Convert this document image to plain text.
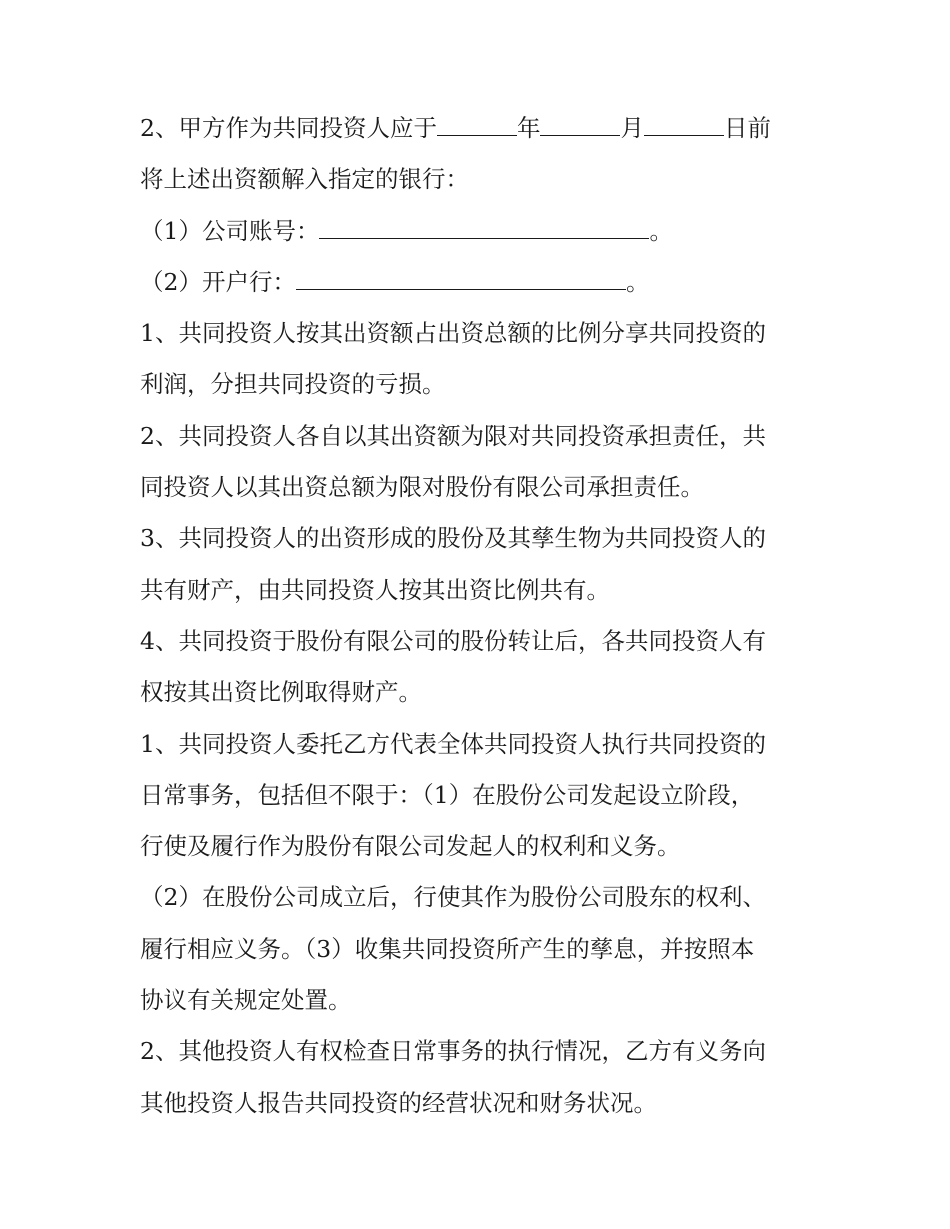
2、甲方作为共同投资人应于	年	月	日前
将上述出资额解入指定的银行：
（1）公司账号：	。
（2）开户行：	。
1、共同投资人按其出资额占出资总额的比例分享共同投资的
利润，分担共同投资的亏损。
2、共同投资人各自以其出资额为限对共同投资承担责任，共
同投资人以其出资总额为限对股份有限公司承担责任。
3、共同投资人的出资形成的股份及其孳生物为共同投资人的
共有财产，由共同投资人按其出资比例共有。
4、共同投资于股份有限公司的股份转让后，各共同投资人有
权按其出资比例取得财产。
1、共同投资人委托乙方代表全体共同投资人执行共同投资的
日常事务，包括但不限于：（1）在股份公司发起设立阶段，
行使及履行作为股份有限公司发起人的权利和义务。
（2）在股份公司成立后，行使其作为股份公司股东的权利、
履行相应义务。（3）收集共同投资所产生的孳息，并按照本
协议有关规定处置。
2、其他投资人有权检查日常事务的执行情况，乙方有义务向
其他投资人报告共同投资的经营状况和财务状况。
